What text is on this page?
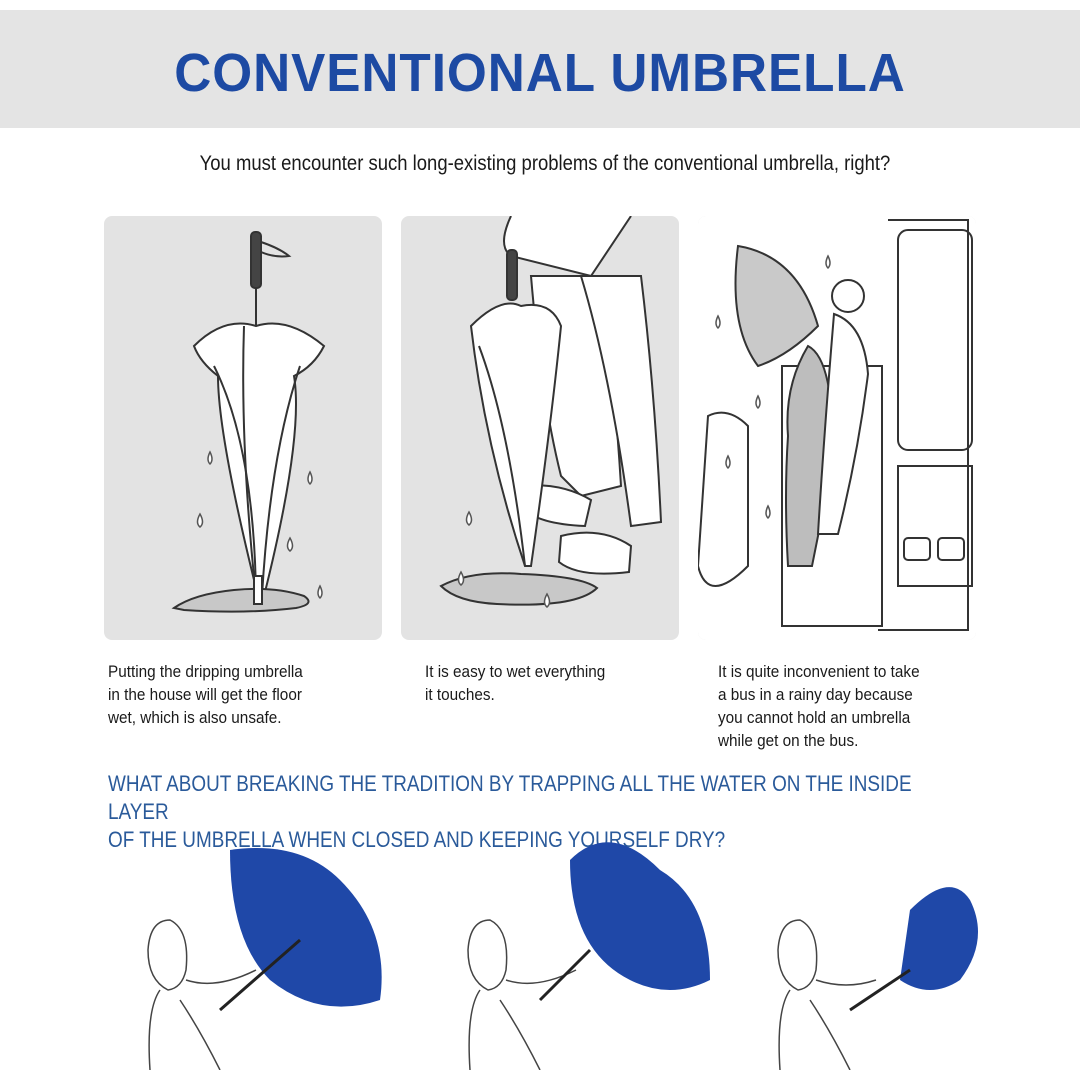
CONVENTIONAL UMBRELLA
You must encounter such long-existing problems of the conventional umbrella, right?
Putting the dripping umbrella
in the house will get the floor
wet, which is also unsafe.
It is easy to wet everything
it touches.
It is quite inconvenient to take
a bus in a rainy day because
you cannot hold an umbrella
while get on the bus.
WHAT ABOUT BREAKING THE TRADITION BY TRAPPING ALL THE WATER ON THE INSIDE LAYER
OF THE UMBRELLA WHEN CLOSED AND KEEPING YOURSELF DRY?
